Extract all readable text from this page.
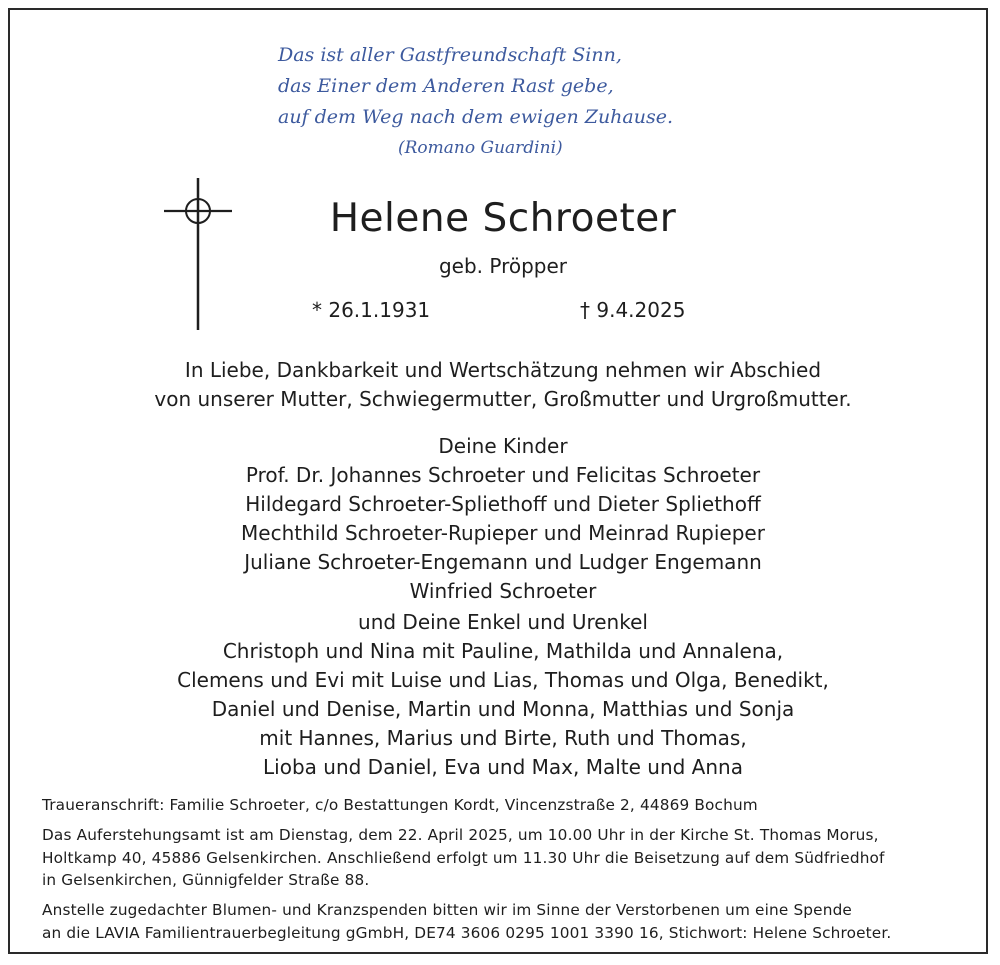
Das ist aller Gastfreundschaft Sinn,
das Einer dem Anderen Rast gebe,
auf dem Weg nach dem ewigen Zuhause.
(Romano Guardini)
Helene Schroeter
geb. Pröpper
* 26.1.1931	† 9.4.2025
In Liebe, Dankbarkeit und Wertschätzung nehmen wir Abschied
von unserer Mutter, Schwiegermutter, Großmutter und Urgroßmutter.
Deine Kinder
Prof. Dr. Johannes Schroeter und Felicitas Schroeter
Hildegard Schroeter-Spliethoff und Dieter Spliethoff
Mechthild Schroeter-Rupieper und Meinrad Rupieper
Juliane Schroeter-Engemann und Ludger Engemann
Winfried Schroeter
und Deine Enkel und Urenkel
Christoph und Nina mit Pauline, Mathilda und Annalena,
Clemens und Evi mit Luise und Lias, Thomas und Olga, Benedikt,
Daniel und Denise, Martin und Monna, Matthias und Sonja
mit Hannes, Marius und Birte, Ruth und Thomas,
Lioba und Daniel, Eva und Max, Malte und Anna
Traueranschrift: Familie Schroeter, c/o Bestattungen Kordt, Vincenzstraße 2, 44869 Bochum
Das Auferstehungsamt ist am Dienstag, dem 22. April 2025, um 10.00 Uhr in der Kirche St. Thomas Morus,
Holtkamp 40, 45886 Gelsenkirchen. Anschließend erfolgt um 11.30 Uhr die Beisetzung auf dem Südfriedhof
in Gelsenkirchen, Günnigfelder Straße 88.
Anstelle zugedachter Blumen- und Kranzspenden bitten wir im Sinne der Verstorbenen um eine Spende
an die LAVIA Familientrauerbegleitung gGmbH, DE74 3606 0295 1001 3390 16, Stichwort: Helene Schroeter.
